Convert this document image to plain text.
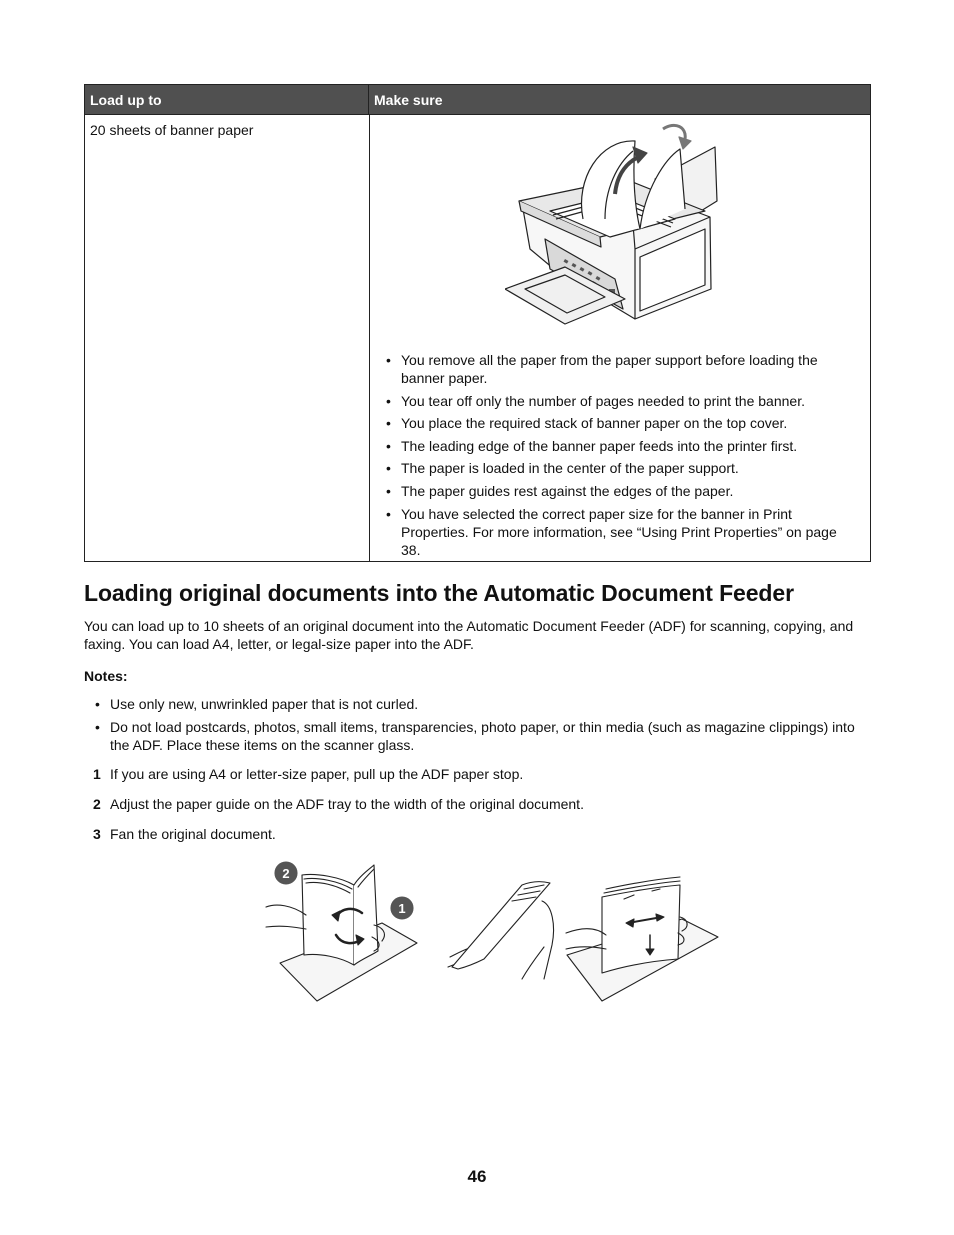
Load up to	Make sure
20 sheets of banner paper
• You remove all the paper from the paper support before loading the banner paper.
• You tear off only the number of pages needed to print the banner.
• You place the required stack of banner paper on the top cover.
• The leading edge of the banner paper feeds into the printer first.
• The paper is loaded in the center of the paper support.
• The paper guides rest against the edges of the paper.
• You have selected the correct paper size for the banner in Print Properties. For more information, see “Using Print Properties” on page 38.
Loading original documents into the Automatic Document Feeder

You can load up to 10 sheets of an original document into the Automatic Document Feeder (ADF) for scanning, copying, and faxing. You can load A4, letter, or legal-size paper into the ADF.

Notes:

• Use only new, unwrinkled paper that is not curled.
• Do not load postcards, photos, small items, transparencies, photo paper, or thin media (such as magazine clippings) into the ADF. Place these items on the scanner glass.
1 If you are using A4 or letter-size paper, pull up the ADF paper stop.
2 Adjust the paper guide on the ADF tray to the width of the original document.
3 Fan the original document.
2
1
46
